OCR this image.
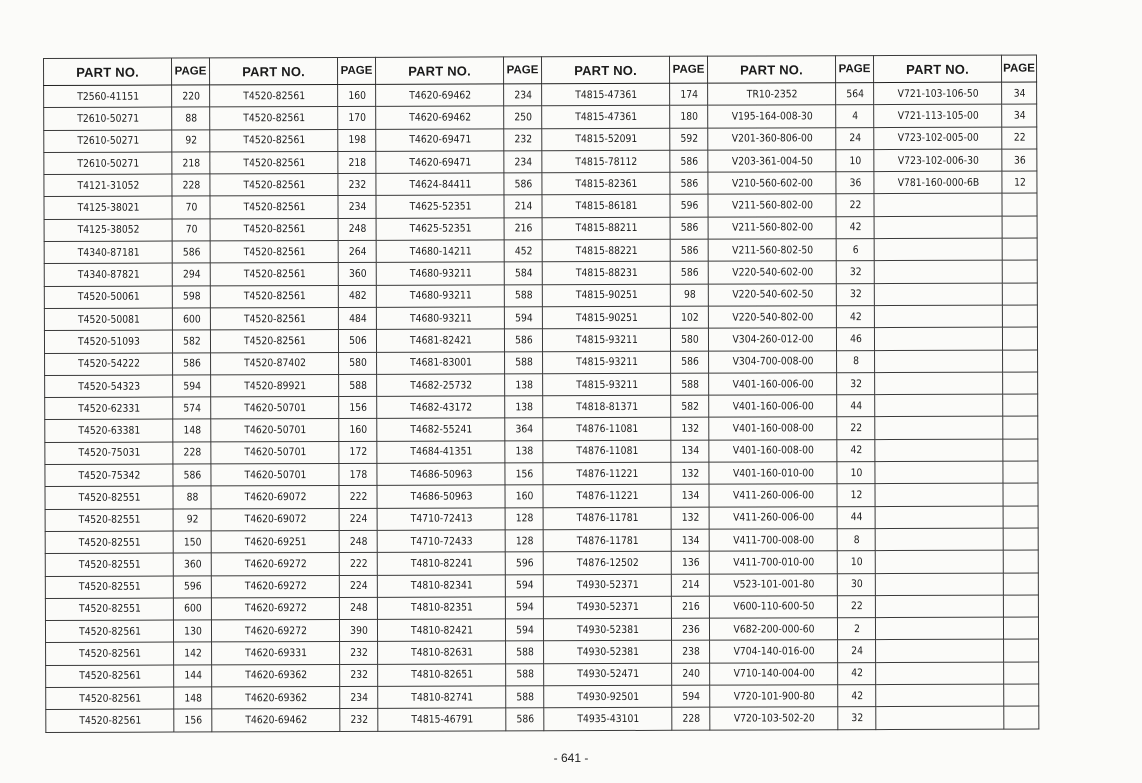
PART NO.	PAGE	PART NO.	PAGE	PART NO.	PAGE	PART NO.	PAGE	PART NO.	PAGE	PART NO.	PAGE
T2560-41151	220	T4520-82561	160	T4620-69462	234	T4815-47361	174	TR10-2352	564	V721-103-106-50	34
T2610-50271	88	T4520-82561	170	T4620-69462	250	T4815-47361	180	V195-164-008-30	4	V721-113-105-00	34
T2610-50271	92	T4520-82561	198	T4620-69471	232	T4815-52091	592	V201-360-806-00	24	V723-102-005-00	22
T2610-50271	218	T4520-82561	218	T4620-69471	234	T4815-78112	586	V203-361-004-50	10	V723-102-006-30	36
T4121-31052	228	T4520-82561	232	T4624-84411	586	T4815-82361	586	V210-560-602-00	36	V781-160-000-6B	12
T4125-38021	70	T4520-82561	234	T4625-52351	214	T4815-86181	596	V211-560-802-00	22		
T4125-38052	70	T4520-82561	248	T4625-52351	216	T4815-88211	586	V211-560-802-00	42		
T4340-87181	586	T4520-82561	264	T4680-14211	452	T4815-88221	586	V211-560-802-50	6		
T4340-87821	294	T4520-82561	360	T4680-93211	584	T4815-88231	586	V220-540-602-00	32		
T4520-50061	598	T4520-82561	482	T4680-93211	588	T4815-90251	98	V220-540-602-50	32		
T4520-50081	600	T4520-82561	484	T4680-93211	594	T4815-90251	102	V220-540-802-00	42		
T4520-51093	582	T4520-82561	506	T4681-82421	586	T4815-93211	580	V304-260-012-00	46		
T4520-54222	586	T4520-87402	580	T4681-83001	588	T4815-93211	586	V304-700-008-00	8		
T4520-54323	594	T4520-89921	588	T4682-25732	138	T4815-93211	588	V401-160-006-00	32		
T4520-62331	574	T4620-50701	156	T4682-43172	138	T4818-81371	582	V401-160-006-00	44		
T4520-63381	148	T4620-50701	160	T4682-55241	364	T4876-11081	132	V401-160-008-00	22		
T4520-75031	228	T4620-50701	172	T4684-41351	138	T4876-11081	134	V401-160-008-00	42		
T4520-75342	586	T4620-50701	178	T4686-50963	156	T4876-11221	132	V401-160-010-00	10		
T4520-82551	88	T4620-69072	222	T4686-50963	160	T4876-11221	134	V411-260-006-00	12		
T4520-82551	92	T4620-69072	224	T4710-72413	128	T4876-11781	132	V411-260-006-00	44		
T4520-82551	150	T4620-69251	248	T4710-72433	128	T4876-11781	134	V411-700-008-00	8		
T4520-82551	360	T4620-69272	222	T4810-82241	596	T4876-12502	136	V411-700-010-00	10		
T4520-82551	596	T4620-69272	224	T4810-82341	594	T4930-52371	214	V523-101-001-80	30		
T4520-82551	600	T4620-69272	248	T4810-82351	594	T4930-52371	216	V600-110-600-50	22		
T4520-82561	130	T4620-69272	390	T4810-82421	594	T4930-52381	236	V682-200-000-60	2		
T4520-82561	142	T4620-69331	232	T4810-82631	588	T4930-52381	238	V704-140-016-00	24		
T4520-82561	144	T4620-69362	232	T4810-82651	588	T4930-52471	240	V710-140-004-00	42		
T4520-82561	148	T4620-69362	234	T4810-82741	588	T4930-92501	594	V720-101-900-80	42		
T4520-82561	156	T4620-69462	232	T4815-46791	586	T4935-43101	228	V720-103-502-20	32		
- 641 -
